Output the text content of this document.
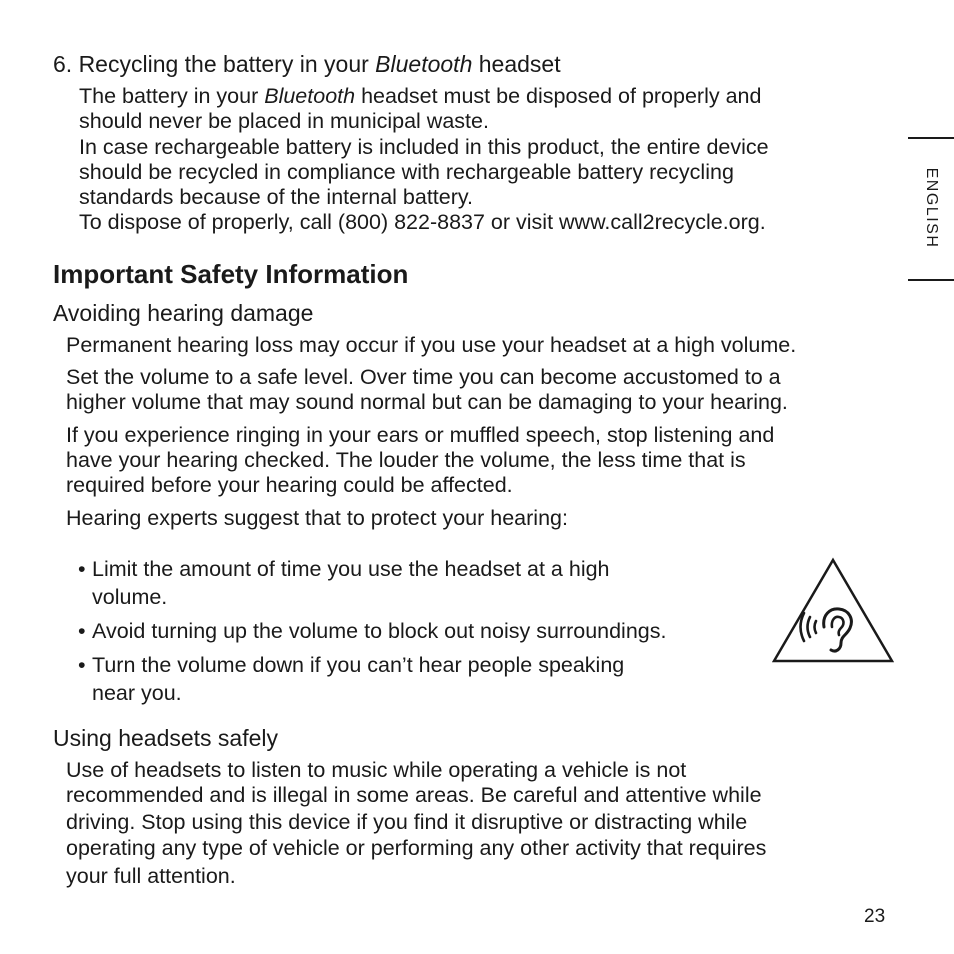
6. Recycling the battery in your Bluetooth headset
The battery in your Bluetooth headset must be disposed of properly and
should never be placed in municipal waste.
In case rechargeable battery is included in this product, the entire device
should be recycled in compliance with rechargeable battery recycling
standards because of the internal battery.
To dispose of properly, call (800) 822-8837 or visit www.call2recycle.org.
Important Safety Information
Avoiding hearing damage
Permanent hearing loss may occur if you use your headset at a high volume.
Set the volume to a safe level. Over time you can become accustomed to a
higher volume that may sound normal but can be damaging to your hearing.
If you experience ringing in your ears or muffled speech, stop listening and
have your hearing checked. The louder the volume, the less time that is
required before your hearing could be affected.
Hearing experts suggest that to protect your hearing:
• Limit the amount of time you use the headset at a high
volume.
• Avoid turning up the volume to block out noisy surroundings.
• Turn the volume down if you can’t hear people speaking
near you.
Using headsets safely
Use of headsets to listen to music while operating a vehicle is not
recommended and is illegal in some areas. Be careful and attentive while
driving. Stop using this device if you find it disruptive or distracting while
operating any type of vehicle or performing any other activity that requires
your full attention.
ENGLISH
23
